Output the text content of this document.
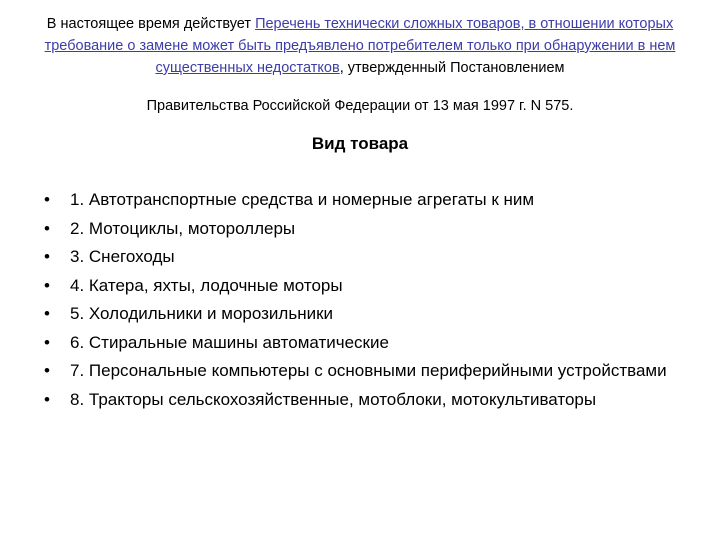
В настоящее время действует Перечень технически сложных товаров, в отношении которых требование о замене может быть предъявлено потребителем только при обнаружении в нем существенных недостатков, утвержденный Постановлением
Правительства Российской Федерации от 13 мая 1997 г. N 575.
Вид товара
•	1. Автотранспортные средства и номерные агрегаты к ним
•	2. Мотоциклы, мотороллеры
•	3. Снегоходы
•	4. Катера, яхты, лодочные моторы
•	5. Холодильники и морозильники
•	6. Стиральные машины автоматические
•	7. Персональные компьютеры с основными периферийными устройствами
•	8. Тракторы сельскохозяйственные, мотоблоки, мотокультиваторы
